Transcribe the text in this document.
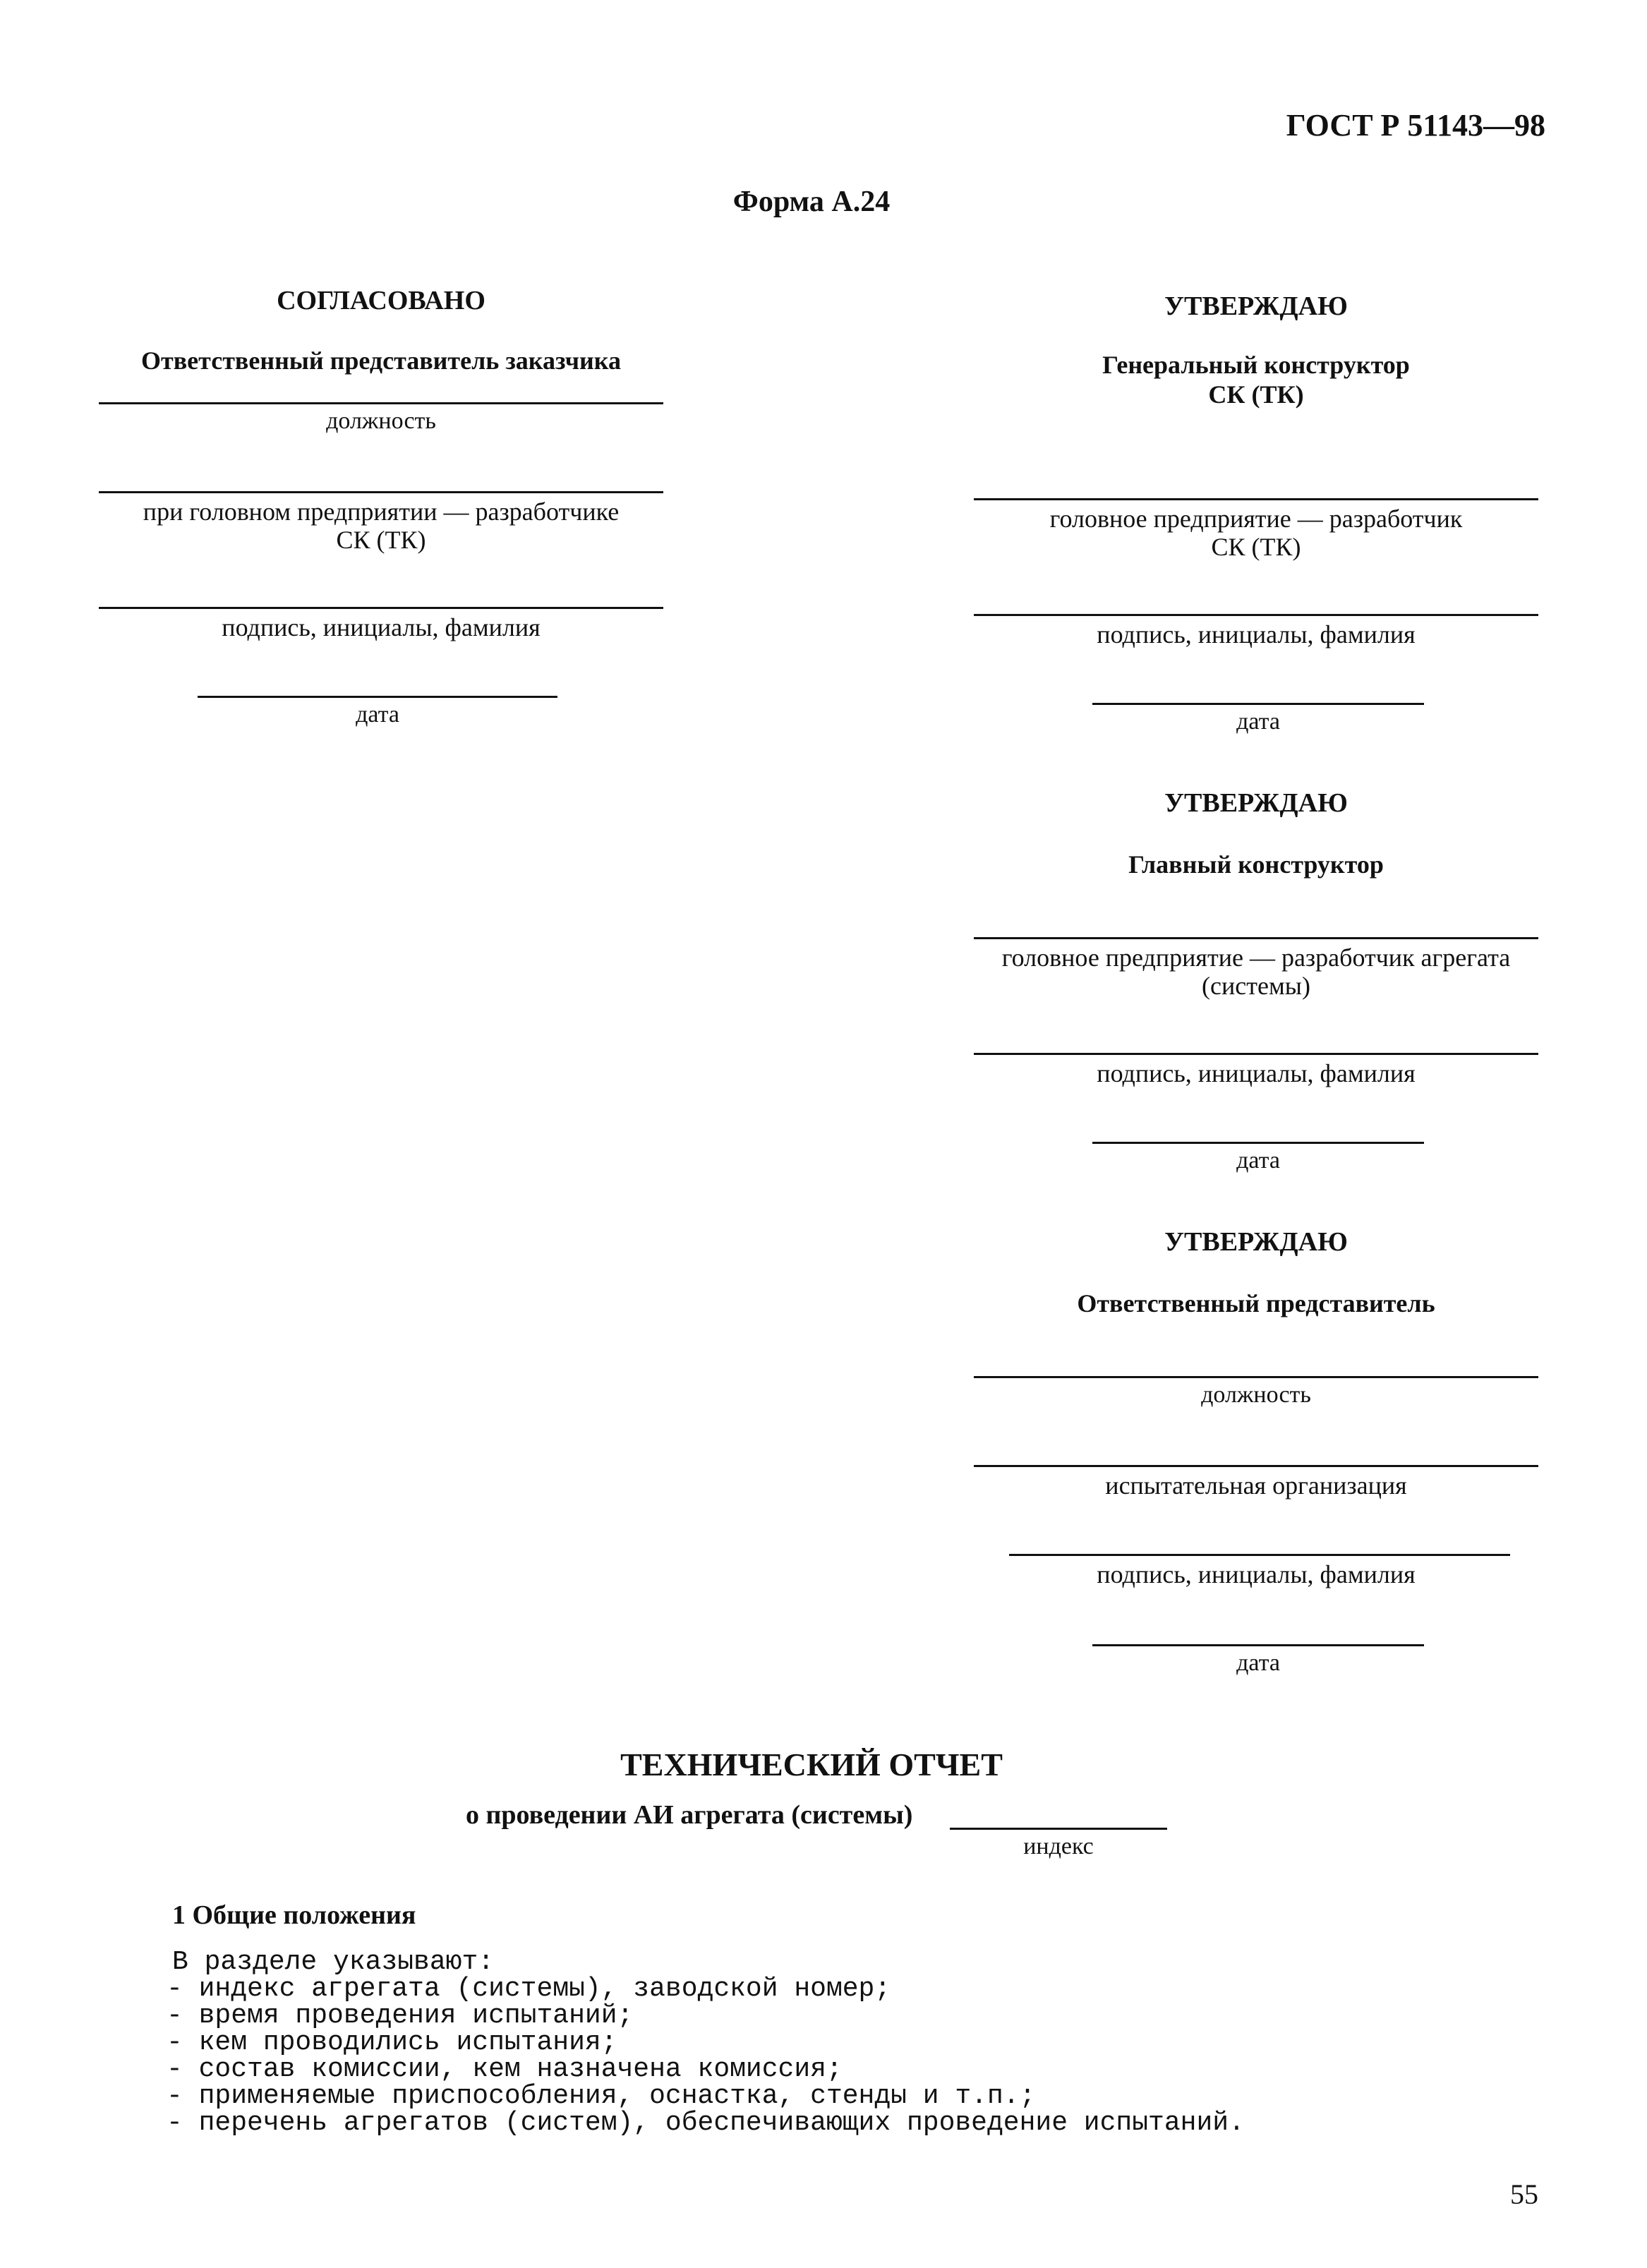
ГОСТ Р 51143—98
Форма А.24
СОГЛАСОВАНО
Ответственный представитель заказчика
должность
при головном предприятии — разработчике
СК (ТК)
подпись, инициалы, фамилия
дата
УТВЕРЖДАЮ
Генеральный конструктор
СК (ТК)
головное предприятие — разработчик
СК (ТК)
подпись, инициалы, фамилия
дата
УТВЕРЖДАЮ
Главный конструктор
головное предприятие — разработчик агрегата
(системы)
подпись, инициалы, фамилия
дата
УТВЕРЖДАЮ
Ответственный представитель
должность
испытательная организация
подпись, инициалы, фамилия
дата
ТЕХНИЧЕСКИЙ ОТЧЕТ
о проведении АИ агрегата (системы)
индекс
1 Общие положения
В разделе указывают:
- индекс агрегата (системы), заводской номер;
- время проведения испытаний;
- кем проводились испытания;
- состав комиссии, кем назначена комиссия;
- применяемые приспособления, оснастка, стенды и т.п.;
- перечень агрегатов (систем), обеспечивающих проведение испытаний.
55
